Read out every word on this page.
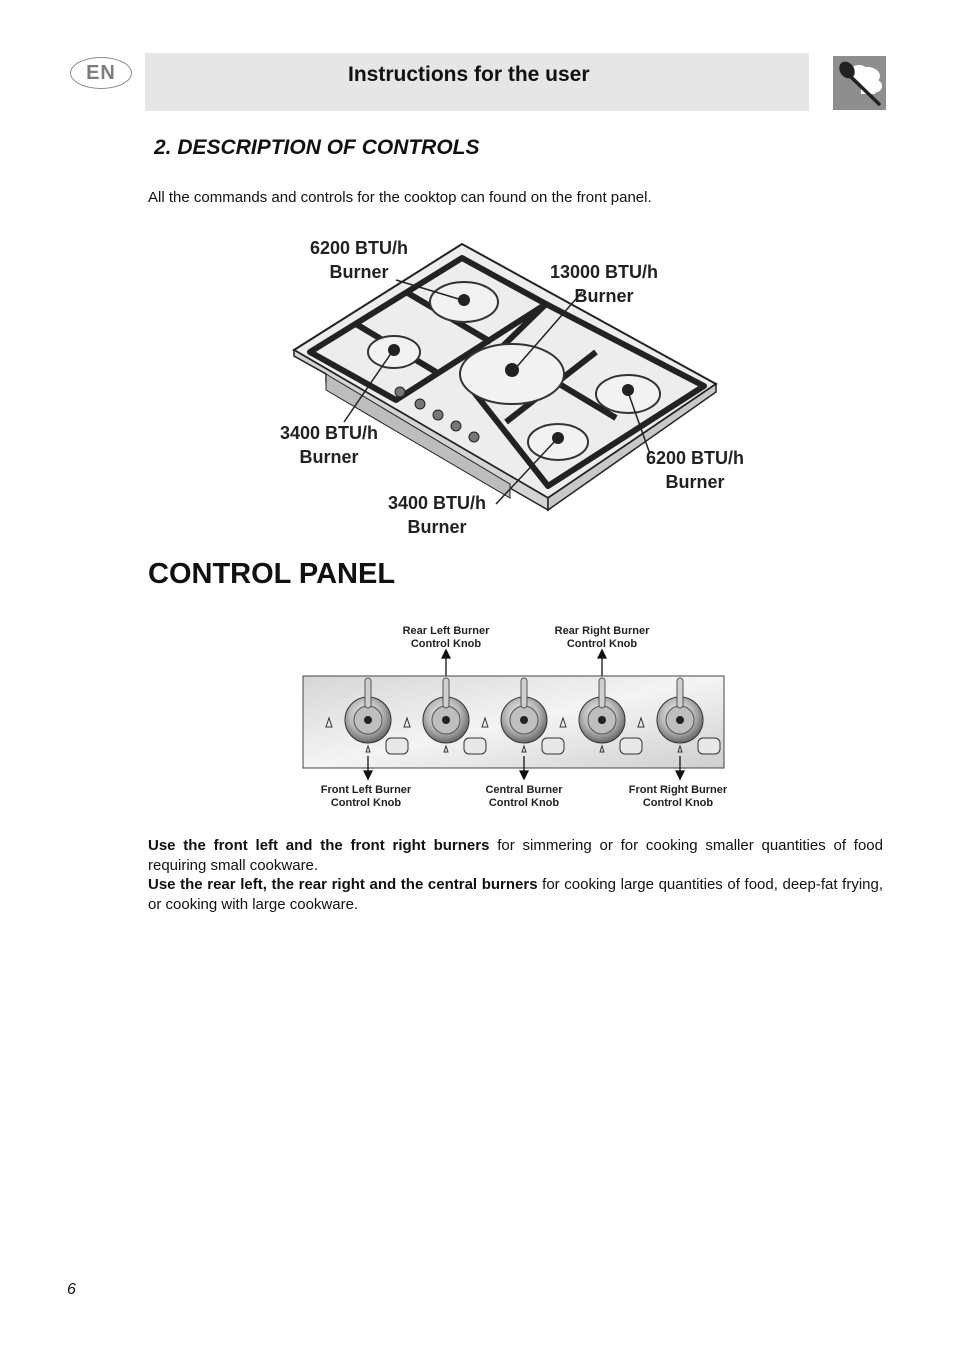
EN	Instructions for the user
2. DESCRIPTION OF CONTROLS
All the commands and controls for the cooktop can found on the front panel.
6200 BTU/h
Burner	13000 BTU/h
Burner
3400 BTU/h
Burner
3400 BTU/h
Burner
6200 BTU/h
Burner
CONTROL PANEL
Rear Left Burner
Control Knob
Rear Right Burner
Control Knob
Front Left Burner
Control Knob
Central Burner
Control Knob
Front Right Burner
Control Knob

Use the front left and the front right burners for simmering or for cooking smaller quantities of food requiring small cookware.

Use the rear left, the rear right and the central burners for cooking large quantities of food, deep-fat frying, or cooking with large cookware.

6
